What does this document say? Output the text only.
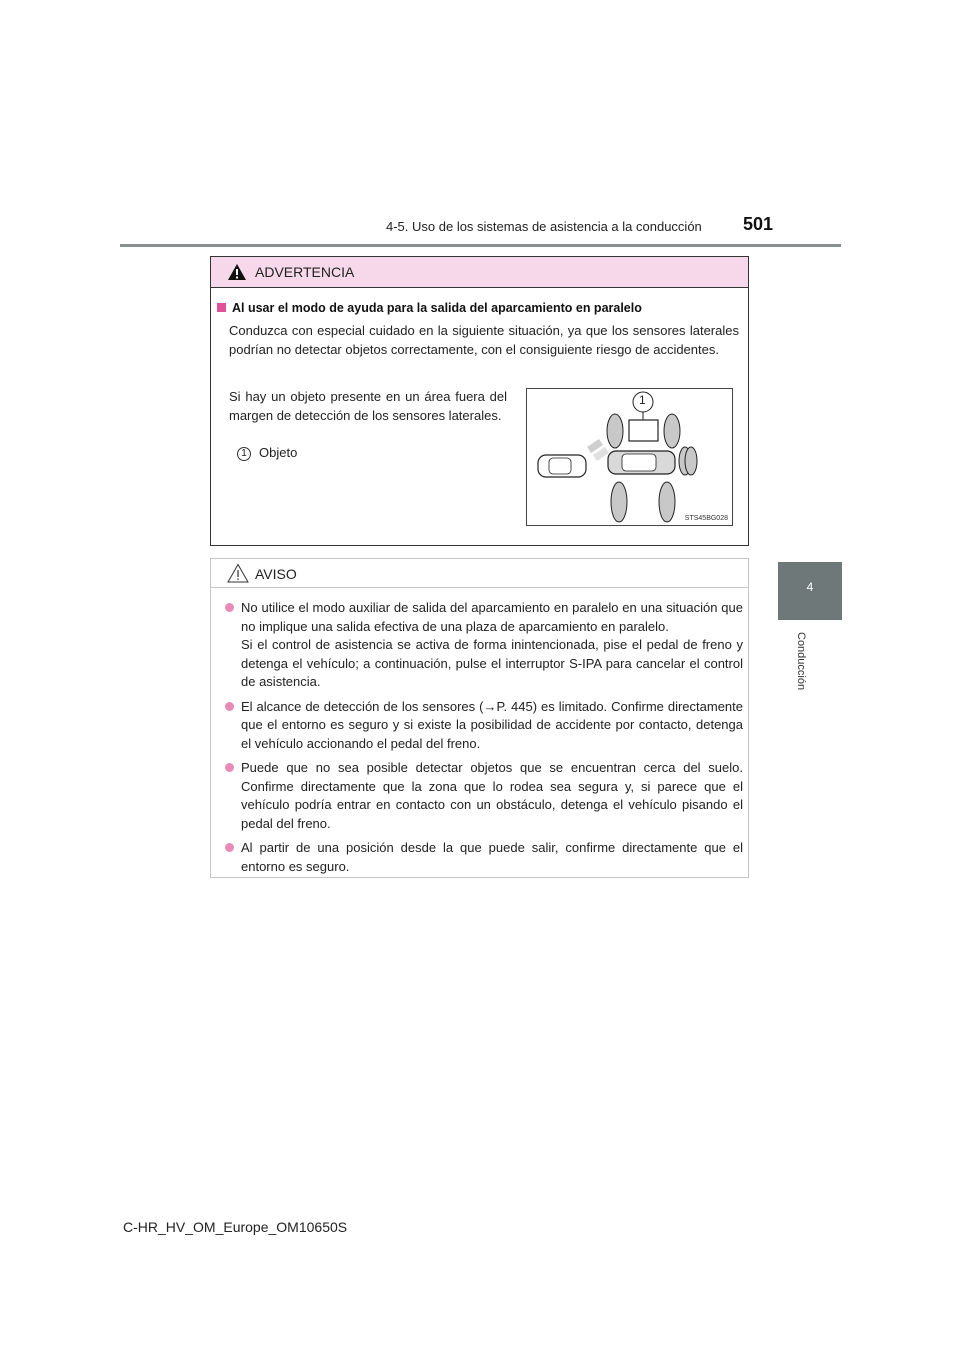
4-5. Uso de los sistemas de asistencia a la conducción 501
4
Conducción
ADVERTENCIA
Al usar el modo de ayuda para la salida del aparcamiento en paralelo
Conduzca con especial cuidado en la siguiente situación, ya que los sensores laterales podrían no detectar objetos correctamente, con el consiguiente riesgo de accidentes.
Si hay un objeto presente en un área fuera del margen de detección de los sensores laterales.
1 Objeto
1
STS45BG028
AVISO
No utilice el modo auxiliar de salida del aparcamiento en paralelo en una situación que no implique una salida efectiva de una plaza de aparcamiento en paralelo.
Si el control de asistencia se activa de forma inintencionada, pise el pedal de freno y detenga el vehículo; a continuación, pulse el interruptor S-IPA para cancelar el control de asistencia.
El alcance de detección de los sensores (→P. 445) es limitado. Confirme directamente que el entorno es seguro y si existe la posibilidad de accidente por contacto, detenga el vehículo accionando el pedal del freno.
Puede que no sea posible detectar objetos que se encuentran cerca del suelo. Confirme directamente que la zona que lo rodea sea segura y, si parece que el vehículo podría entrar en contacto con un obstáculo, detenga el vehículo pisando el pedal del freno.
Al partir de una posición desde la que puede salir, confirme directamente que el entorno es seguro.
C-HR_HV_OM_Europe_OM10650S
